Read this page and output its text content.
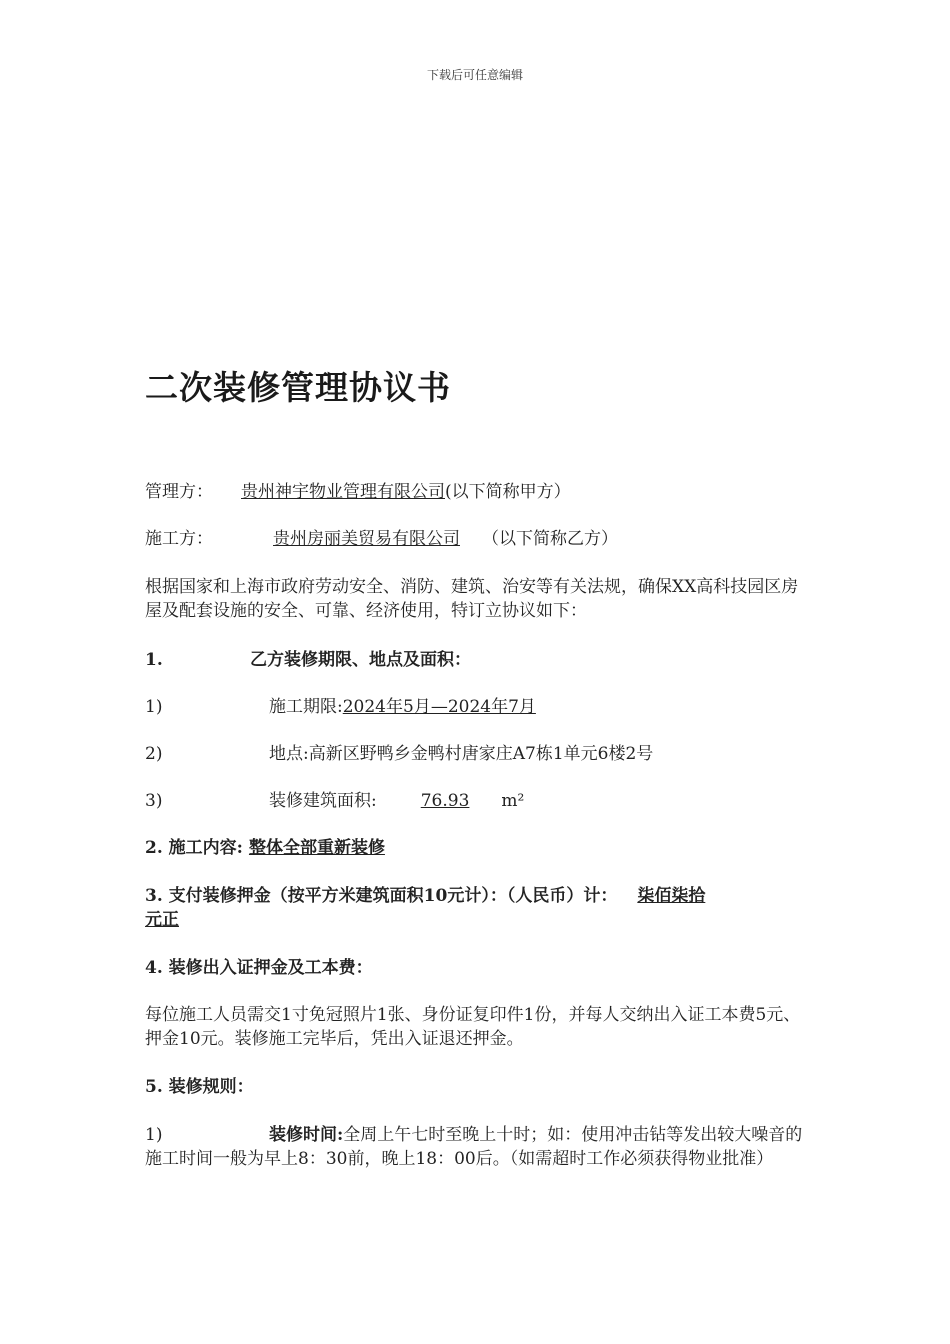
下载后可任意编辑
二次装修管理协议书
管理方： 贵州神宇物业管理有限公司(以下简称甲方）
施工方：	贵州房丽美贸易有限公司 （以下简称乙方）
根据国家和上海市政府劳动安全、消防、建筑、治安等有关法规，确保XX高科技园区房屋及配套设施的安全、可靠、经济使用，特订立协议如下：
1.	乙方装修期限、地点及面积：
1)	施工期限:2024年5月—2024年7月
2)	地点:高新区野鸭乡金鸭村唐家庄A7栋1单元6楼2号
3)	装修建筑面积:	76.93 m²
2. 施工内容: 整体全部重新装修
3. 支付装修押金（按平方米建筑面积10元计）：（人民币）计： 柒佰柒拾
元正
4. 装修出入证押金及工本费：
每位施工人员需交1寸免冠照片1张、身份证复印件1份，并每人交纳出入证工本费5元、押金10元。装修施工完毕后，凭出入证退还押金。
5. 装修规则：
1)	装修时间:全周上午七时至晚上十时；如：使用冲击钻等发出较大噪音的施工时间一般为早上8：30前，晚上18：00后。（如需超时工作必须获得物业批准）
